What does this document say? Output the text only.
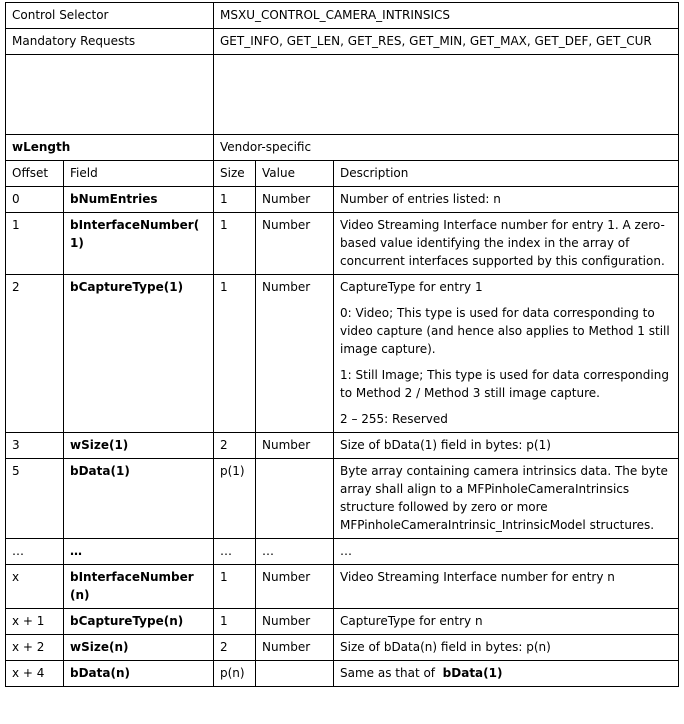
Control Selector		MSXU_CONTROL_CAMERA_INTRINSICS		
Mandatory Requests		GET_INFO, GET_LEN, GET_RES, GET_MIN, GET_MAX, GET_DEF, GET_CUR		

wLength		Vendor-specific		
Offset	Field	Size	Value	Description
0	bNumEntries	1	Number	Number of entries listed: n

1	bInterfaceNumber(1)	1	Number	Video Streaming Interface number for entry 1. A zero-based value identifying the index in the array of concurrent interfaces supported by this configuration.

2	bCaptureType(1)	1	Number	CaptureType for entry 1
0: Video; This type is used for data corresponding to video capture (and hence also applies to Method 1 still image capture).
1: Still Image; This type is used for data corresponding to Method 2 / Method 3 still image capture.
2 – 255: Reserved

3	wSize(1)	2	Number	Size of bData(1) field in bytes: p(1)

5	bData(1)	p(1)		Byte array containing camera intrinsics data. The byte array shall align to a MFPinholeCameraIntrinsics structure followed by zero or more MFPinholeCameraIntrinsic_IntrinsicModel structures.

…	…	…	…	…

x	bInterfaceNumber (n)	1	Number	Video Streaming Interface number for entry n

x + 1	bCaptureType(n)	1	Number	CaptureType for entry n

x + 2	wSize(n)	2	Number	Size of bData(n) field in bytes: p(n)

x + 4	bData(n)	p(n)		Same as that of bData(1)
